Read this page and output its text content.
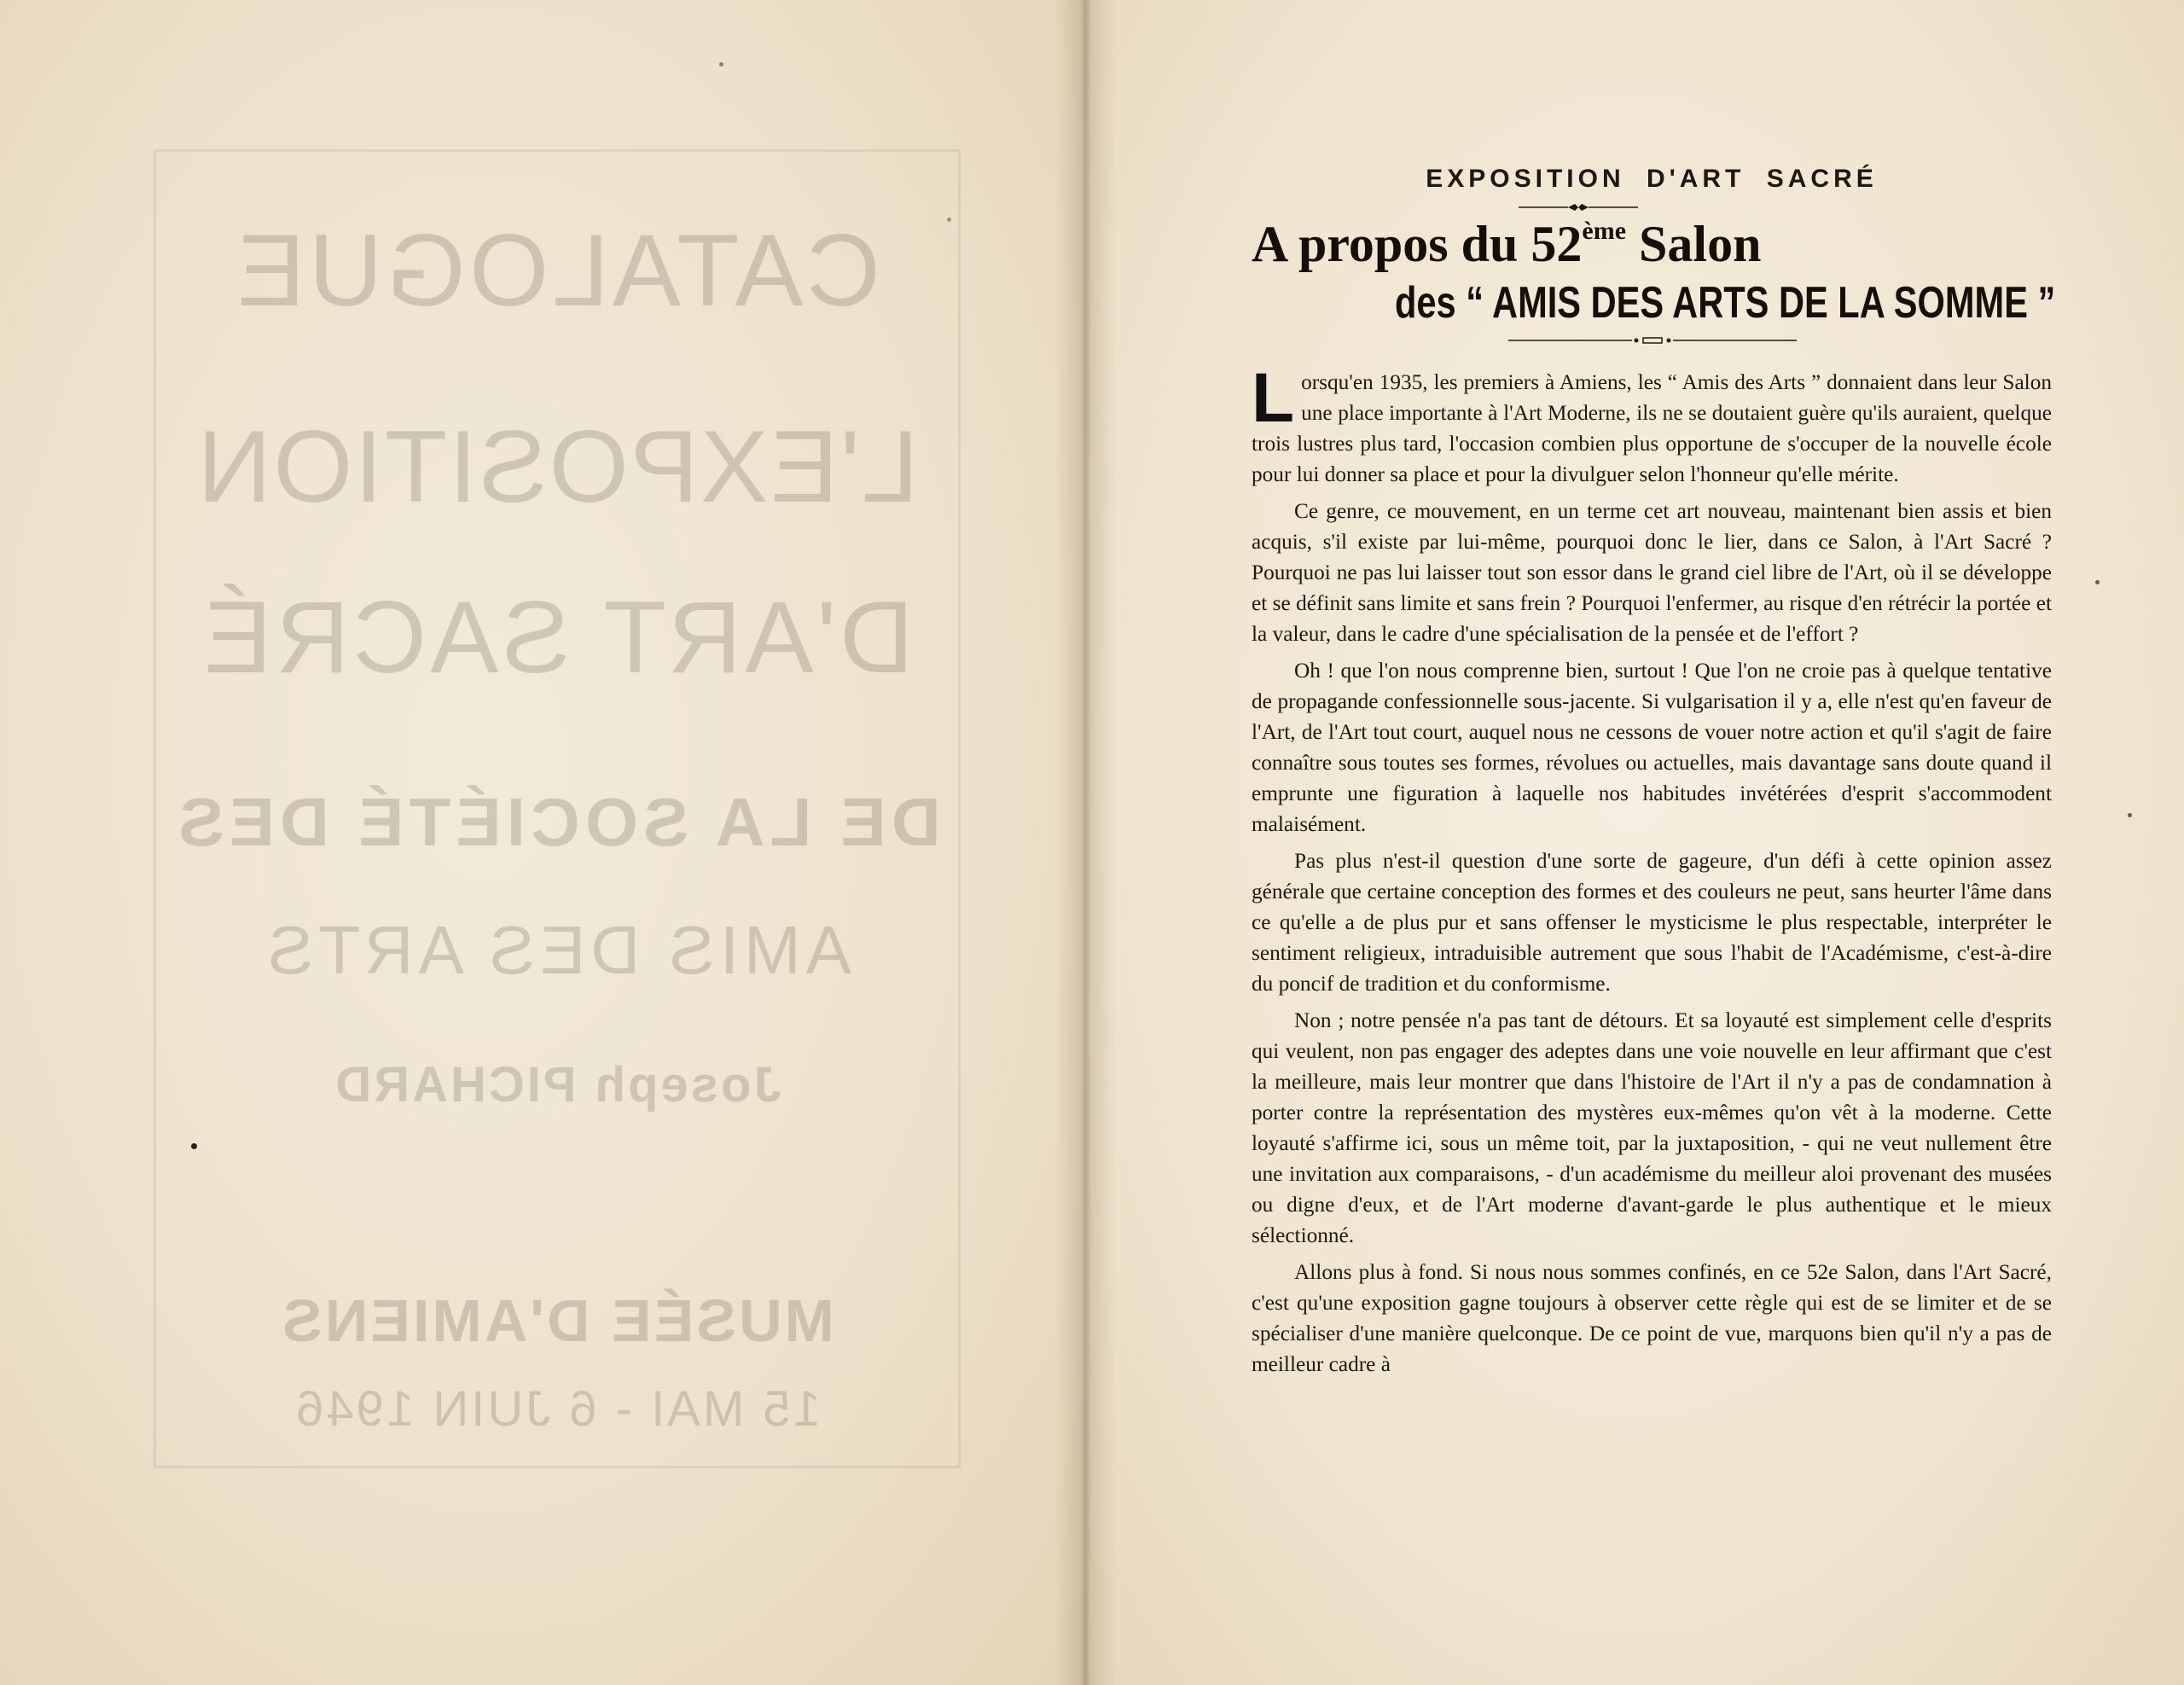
CATALOGUE
L'EXPOSITION
D'ART SACRÉ
DE LA SOCIÉTÉ DES
AMIS DES ARTS
Joseph PICHARD
MUSÉE D'AMIENS
15 MAI - 6 JUIN 1946
EXPOSITION D'ART SACRÉ
A propos du 52ème Salon
des “ AMIS DES ARTS DE LA SOMME ”

Lorsqu'en 1935, les premiers à Amiens, les “ Amis des Arts ” donnaient dans leur Salon une place importante à l'Art Moderne, ils ne se doutaient guère qu'ils auraient, quelque trois lustres plus tard, l'occasion combien plus opportune de s'occuper de la nouvelle école pour lui donner sa place et pour la divulguer selon l'honneur qu'elle mérite.

Ce genre, ce mouvement, en un terme cet art nouveau, maintenant bien assis et bien acquis, s'il existe par lui-même, pourquoi donc le lier, dans ce Salon, à l'Art Sacré ? Pourquoi ne pas lui laisser tout son essor dans le grand ciel libre de l'Art, où il se développe et se définit sans limite et sans frein ? Pourquoi l'enfermer, au risque d'en rétrécir la portée et la valeur, dans le cadre d'une spécialisation de la pensée et de l'effort ?

Oh ! que l'on nous comprenne bien, surtout ! Que l'on ne croie pas à quelque tentative de propagande confessionnelle sous-jacente. Si vulgarisation il y a, elle n'est qu'en faveur de l'Art, de l'Art tout court, auquel nous ne cessons de vouer notre action et qu'il s'agit de faire connaître sous toutes ses formes, révolues ou actuelles, mais davantage sans doute quand il emprunte une figuration à laquelle nos habitudes invétérées d'esprit s'accommodent malaisément.

Pas plus n'est-il question d'une sorte de gageure, d'un défi à cette opinion assez générale que certaine conception des formes et des couleurs ne peut, sans heurter l'âme dans ce qu'elle a de plus pur et sans offenser le mysticisme le plus respectable, interpréter le sentiment religieux, intraduisible autrement que sous l'habit de l'Académisme, c'est-à-dire du poncif de tradition et du conformisme.

Non ; notre pensée n'a pas tant de détours. Et sa loyauté est simplement celle d'esprits qui veulent, non pas engager des adeptes dans une voie nouvelle en leur affirmant que c'est la meilleure, mais leur montrer que dans l'histoire de l'Art il n'y a pas de condamnation à porter contre la représentation des mystères eux-mêmes qu'on vêt à la moderne. Cette loyauté s'affirme ici, sous un même toit, par la juxtaposition, - qui ne veut nullement être une invitation aux comparaisons, - d'un académisme du meilleur aloi provenant des musées ou digne d'eux, et de l'Art moderne d'avant-garde le plus authentique et le mieux sélectionné.

Allons plus à fond. Si nous nous sommes confinés, en ce 52e Salon, dans l'Art Sacré, c'est qu'une exposition gagne toujours à observer cette règle qui est de se limiter et de se spécialiser d'une manière quelconque. De ce point de vue, marquons bien qu'il n'y a pas de meilleur cadre à
